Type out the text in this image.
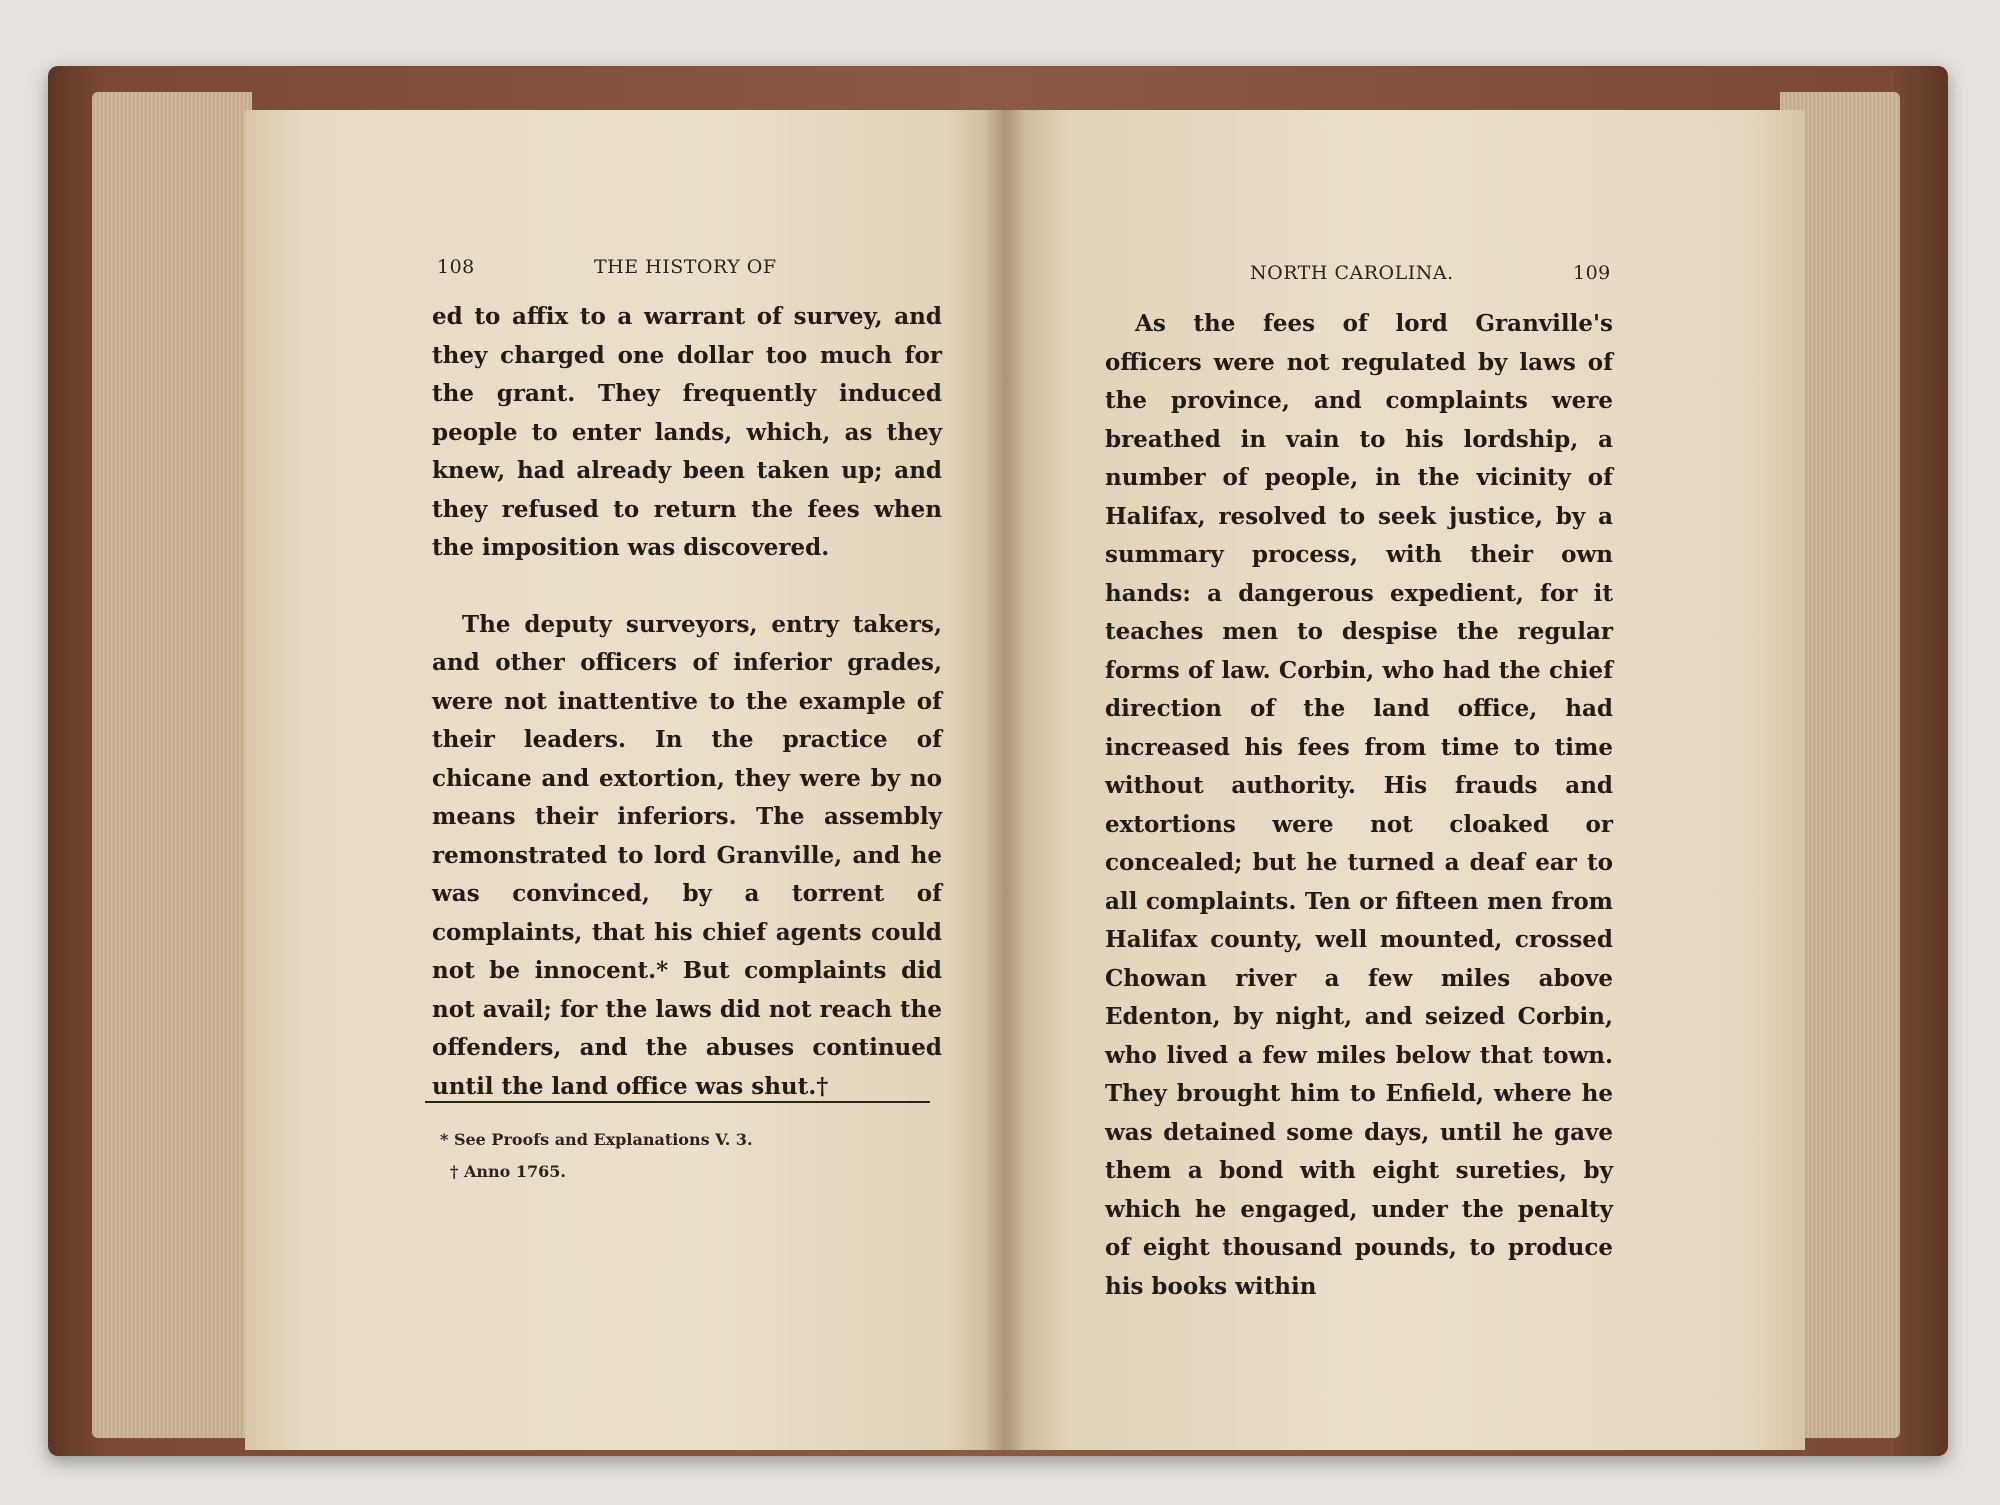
108	THE HISTORY OF

ed to affix to a warrant of survey, and they charged one dollar too much for the grant. They frequently induced people to enter lands, which, as they knew, had already been taken up; and they refused to return the fees when the imposition was discovered.

The deputy surveyors, entry takers, and other officers of inferior grades, were not inattentive to the example of their leaders. In the practice of chicane and extortion, they were by no means their inferiors. The assembly remonstrated to lord Granville, and he was convinced, by a torrent of complaints, that his chief agents could not be innocent.* But complaints did not avail; for the laws did not reach the offenders, and the abuses continued until the land office was shut.†

* See Proofs and Explanations V. 3.
† Anno 1765.
NORTH CAROLINA.	109

As the fees of lord Granville's officers were not regulated by laws of the province, and complaints were breathed in vain to his lordship, a number of people, in the vicinity of Halifax, resolved to seek justice, by a summary process, with their own hands: a dangerous expedient, for it teaches men to despise the regular forms of law. Corbin, who had the chief direction of the land office, had increased his fees from time to time without authority. His frauds and extortions were not cloaked or concealed; but he turned a deaf ear to all complaints. Ten or fifteen men from Halifax county, well mounted, crossed Chowan river a few miles above Edenton, by night, and seized Corbin, who lived a few miles below that town. They brought him to Enfield, where he was detained some days, until he gave them a bond with eight sureties, by which he engaged, under the penalty of eight thousand pounds, to produce his books within
